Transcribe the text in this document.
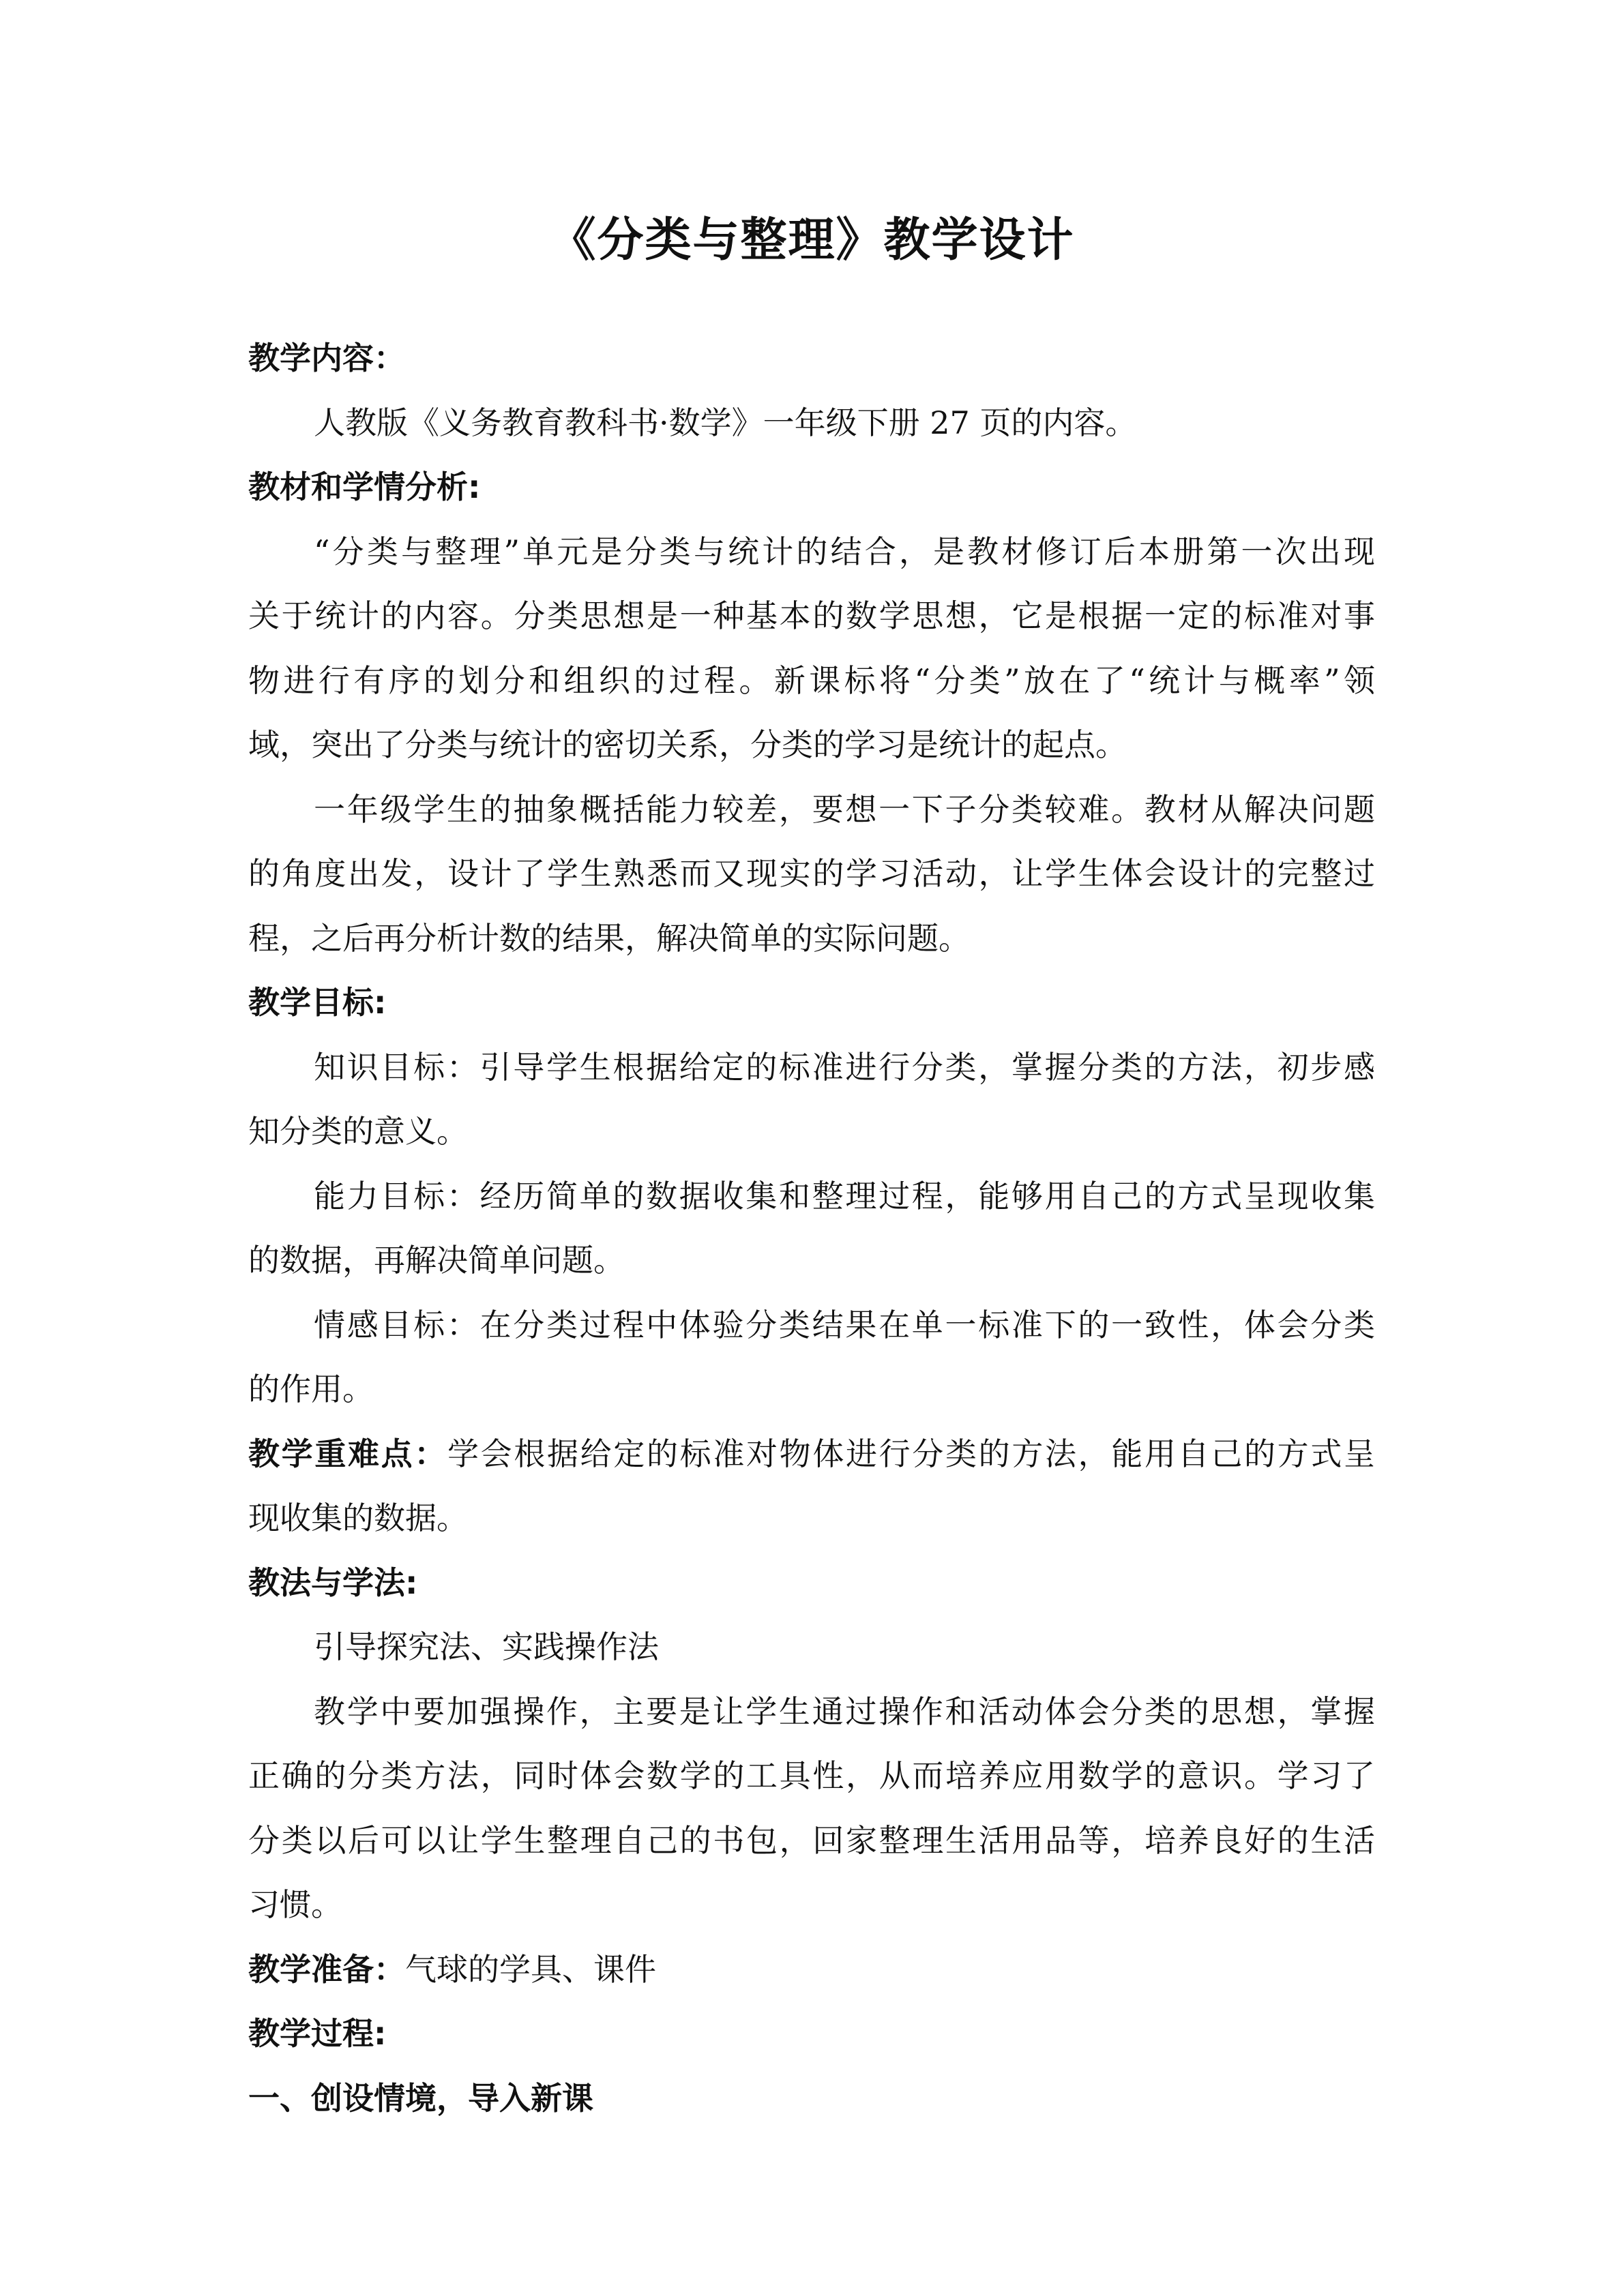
《分类与整理》教学设计
教学内容：
人教版《义务教育教科书·数学》一年级下册 27 页的内容。
教材和学情分析:
“分类与整理”单元是分类与统计的结合，是教材修订后本册第一次出现
关于统计的内容。分类思想是一种基本的数学思想，它是根据一定的标准对事
物进行有序的划分和组织的过程。新课标将“分类”放在了“统计与概率”领
域，突出了分类与统计的密切关系，分类的学习是统计的起点。
一年级学生的抽象概括能力较差，要想一下子分类较难。教材从解决问题
的角度出发，设计了学生熟悉而又现实的学习活动，让学生体会设计的完整过
程，之后再分析计数的结果，解决简单的实际问题。
教学目标:
知识目标：引导学生根据给定的标准进行分类，掌握分类的方法，初步感
知分类的意义。
能力目标：经历简单的数据收集和整理过程，能够用自己的方式呈现收集
的数据，再解决简单问题。
情感目标：在分类过程中体验分类结果在单一标准下的一致性，体会分类
的作用。
教学重难点：学会根据给定的标准对物体进行分类的方法，能用自己的方式呈
现收集的数据。
教法与学法:
引导探究法、实践操作法
教学中要加强操作，主要是让学生通过操作和活动体会分类的思想，掌握
正确的分类方法，同时体会数学的工具性，从而培养应用数学的意识。学习了
分类以后可以让学生整理自己的书包，回家整理生活用品等，培养良好的生活
习惯。
教学准备：气球的学具、课件
教学过程:
一、创设情境，导入新课
